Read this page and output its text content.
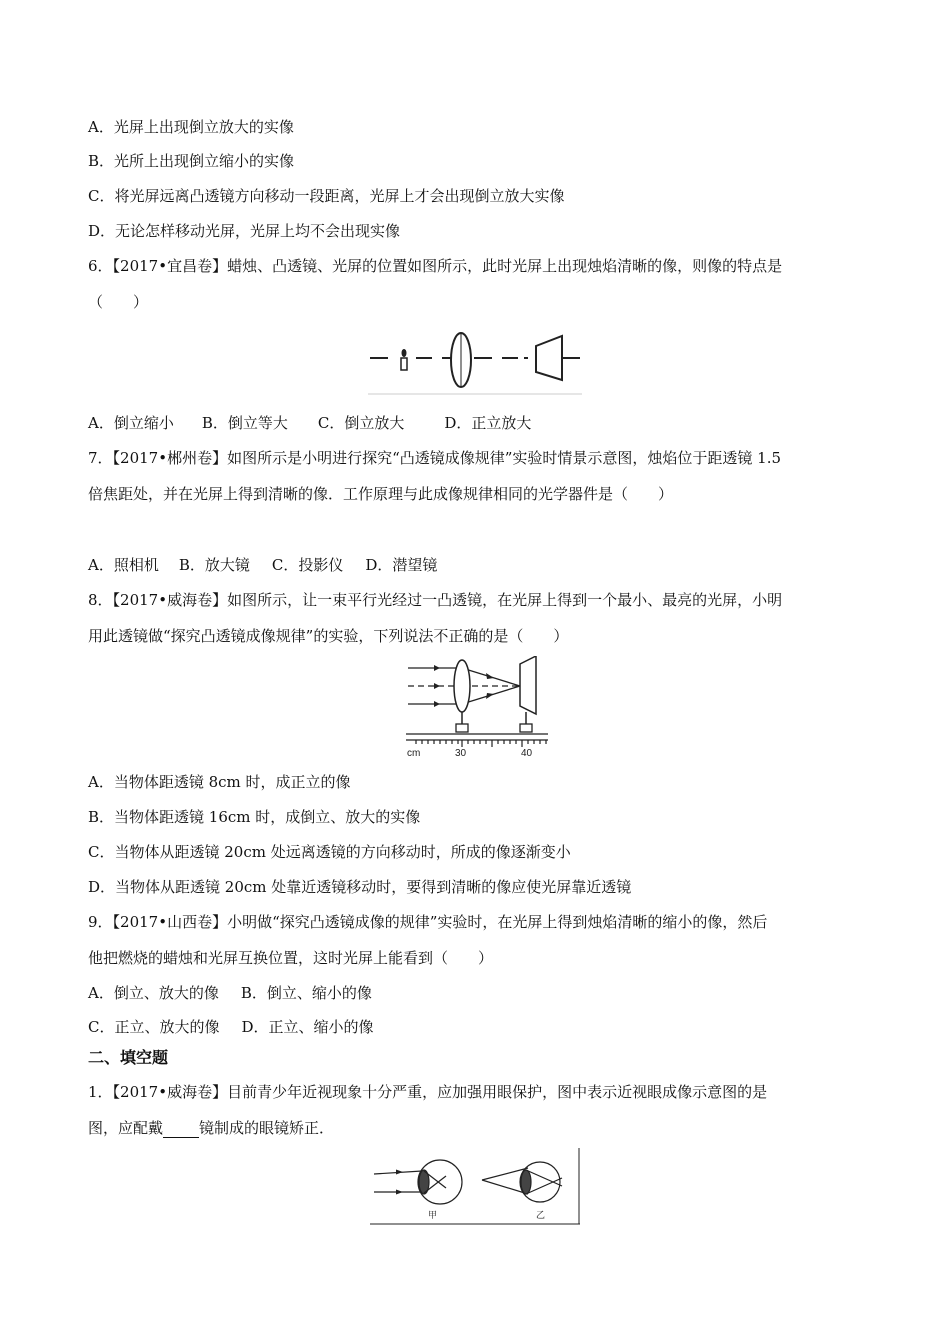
A．光屏上出现倒立放大的实像
B．光所上出现倒立缩小的实像
C．将光屏远离凸透镜方向移动一段距离，光屏上才会出现倒立放大实像
D．无论怎样移动光屏，光屏上均不会出现实像
6．【2017•宜昌卷】蜡烛、凸透镜、光屏的位置如图所示，此时光屏上出现烛焰清晰的像，则像的特点是
（　　）
A．倒立缩小 B．倒立等大 C．倒立放大	D．正立放大
7．【2017•郴州卷】如图所示是小明进行探究“凸透镜成像规律”实验时情景示意图，烛焰位于距透镜 1.5
倍焦距处，并在光屏上得到清晰的像．工作原理与此成像规律相同的光学器件是（　　）
A．照相机 B．放大镜 C．投影仪 D．潜望镜
8．【2017•威海卷】如图所示，让一束平行光经过一凸透镜，在光屏上得到一个最小、最亮的光屏，小明
用此透镜做“探究凸透镜成像规律”的实验，下列说法不正确的是（　　）
cm	30	40
A．当物体距透镜 8cm 时，成正立的像
B．当物体距透镜 16cm 时，成倒立、放大的实像
C．当物体从距透镜 20cm 处远离透镜的方向移动时，所成的像逐渐变小
D．当物体从距透镜 20cm 处靠近透镜移动时，要得到清晰的像应使光屏靠近透镜
9．【2017•山西卷】小明做“探究凸透镜成像的规律”实验时，在光屏上得到烛焰清晰的缩小的像，然后
他把燃烧的蜡烛和光屏互换位置，这时光屏上能看到（　　）
A．倒立、放大的像 B．倒立、缩小的像
C．正立、放大的像 D．正立、缩小的像
二、填空题
1．【2017•威海卷】目前青少年近视现象十分严重，应加强用眼保护，图中表示近视眼成像示意图的是
图，应配戴 镜制成的眼镜矫正．
甲	乙
